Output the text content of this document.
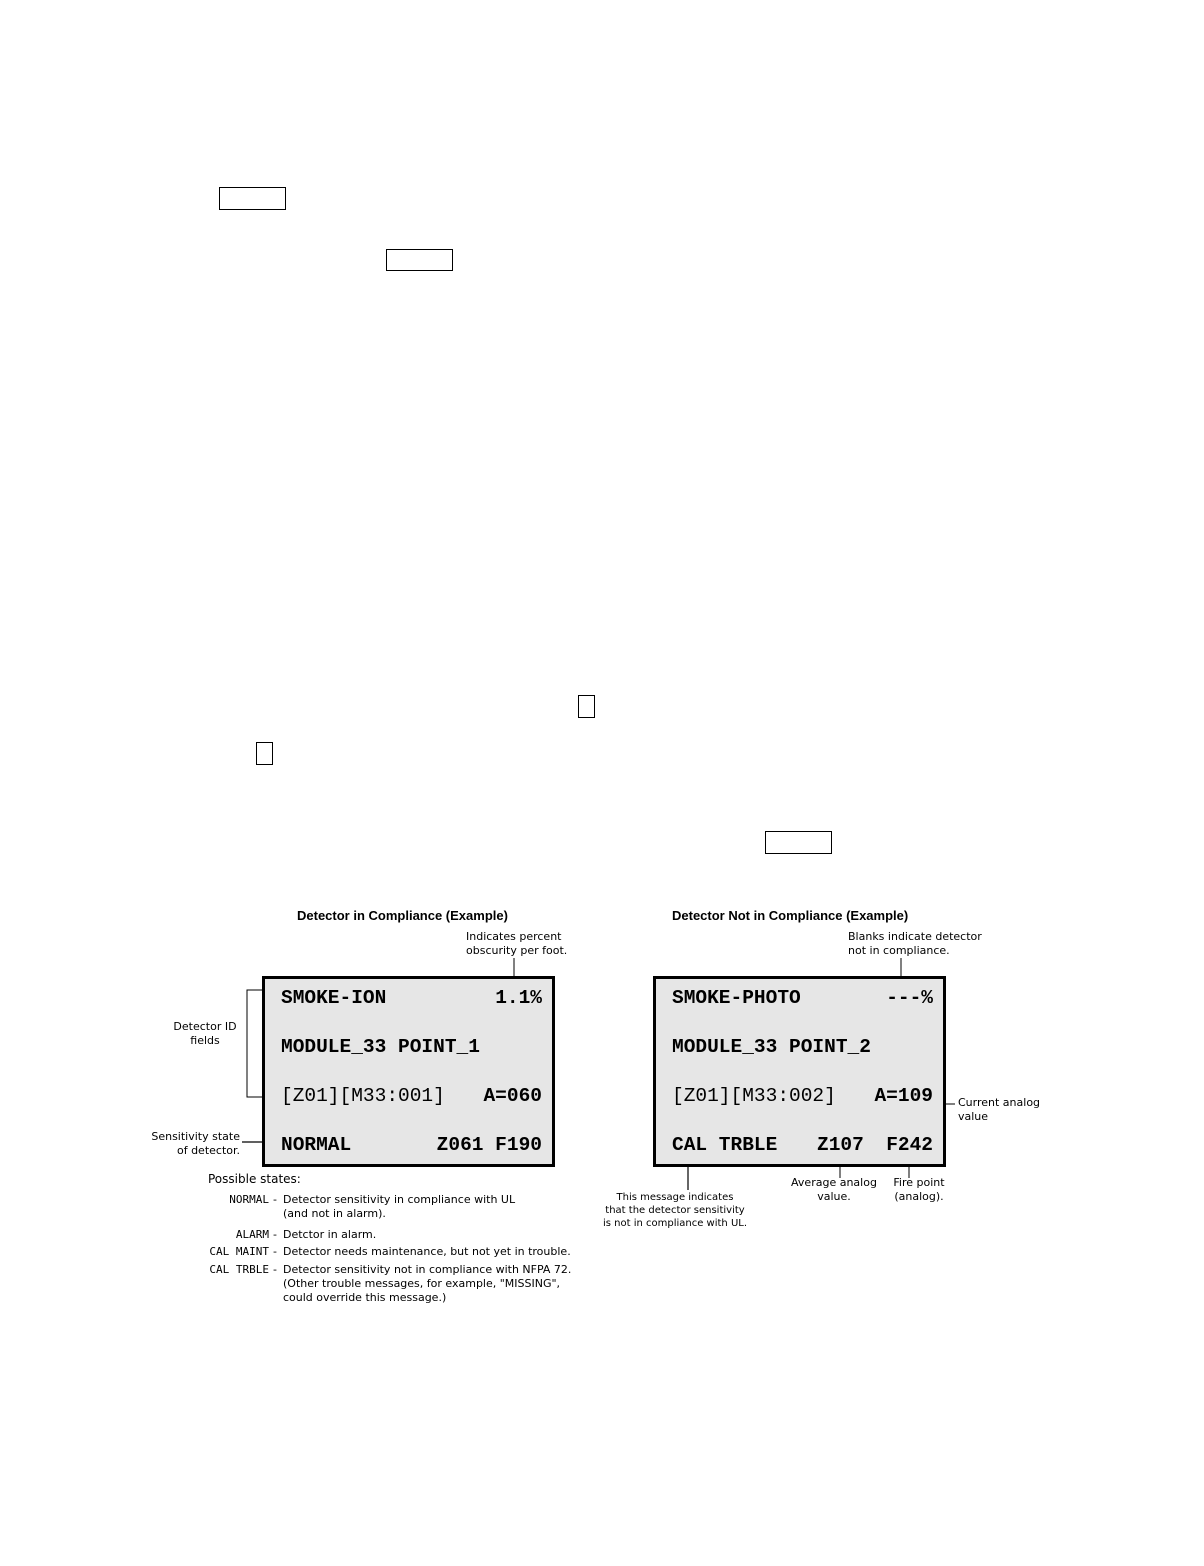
Detector in Compliance (Example)
Indicates percent
obscurity per foot.
Detector ID
fields
Sensitivity state
of detector.

SMOKE-ION

	1.1%

MODULE_33 POINT_1

[Z01][M33:001]

A=060

NORMAL

	Z061 F190

Possible states:
NORMAL - Detector sensitivity in compliance with UL
(and not in alarm).
ALARM - Detctor in alarm.
CAL MAINT - Detector needs maintenance, but not yet in trouble.
CAL TRBLE - Detector sensitivity not in compliance with NFPA 72.
(Other trouble messages, for example, "MISSING",
could override this message.)
Detector Not in Compliance (Example)
Blanks indicate detector
not in compliance.

SMOKE-PHOTO

	---%

MODULE_33 POINT_2

[Z01][M33:002]

A=109

CAL TRBLE

Z107

F242

Current analog
value
Average analog
value.
Fire point
(analog).
This message indicates
that the detector sensitivity
is not in compliance with UL.
